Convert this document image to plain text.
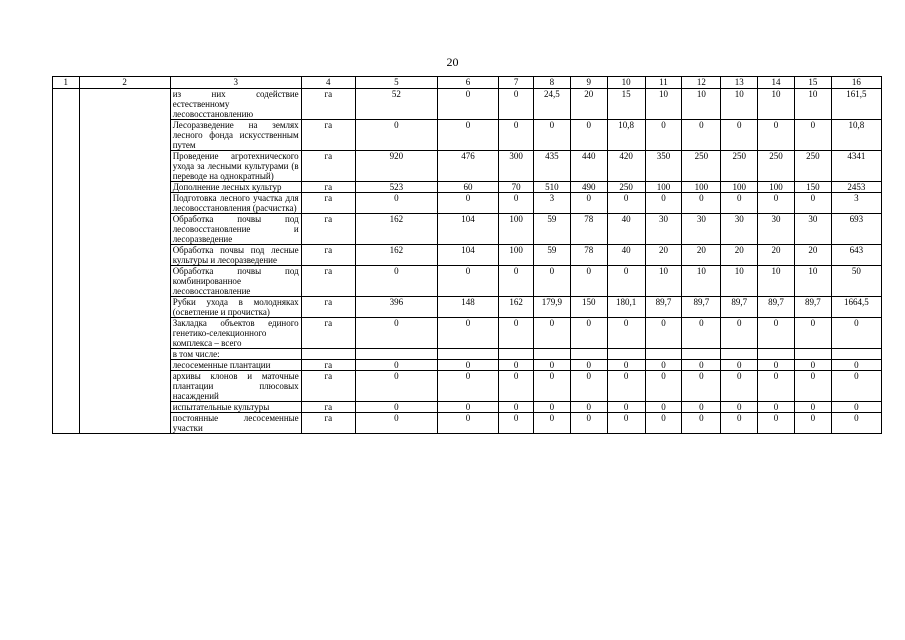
20
1	2	3	4	5	6	7	8	9	10	11	12	13	14	15	16
		из них содействие естественному лесовосстановлению	га	52	0	0	24,5	20	15	10	10	10	10	10	161,5
		Лесоразведение на землях лесного фонда искусственным путем	га	0	0	0	0	0	10,8	0	0	0	0	0	10,8
		Проведение агротехнического ухода за лесными культурами (в переводе на однократный)	га	920	476	300	435	440	420	350	250	250	250	250	4341
		Дополнение лесных культур	га	523	60	70	510	490	250	100	100	100	100	150	2453
		Подготовка лесного участка для лесовосстановления (расчистка)	га	0	0	0	3	0	0	0	0	0	0	0	3
		Обработка почвы под лесовосстановление и лесоразведение	га	162	104	100	59	78	40	30	30	30	30	30	693
		Обработка почвы под лесные культуры и лесоразведение	га	162	104	100	59	78	40	20	20	20	20	20	643
		Обработка почвы под комбинированное лесовосстановление	га	0	0	0	0	0	0	10	10	10	10	10	50
		Рубки ухода в молодняках (осветление и прочистка)	га	396	148	162	179,9	150	180,1	89,7	89,7	89,7	89,7	89,7	1664,5
		Закладка объектов единого генетико-селекционного комплекса – всего	га	0	0	0	0	0	0	0	0	0	0	0	0
		в том числе:													
		лесосеменные плантации	га	0	0	0	0	0	0	0	0	0	0	0	0
		архивы клонов и маточные плантации плюсовых насаждений	га	0	0	0	0	0	0	0	0	0	0	0	0
		испытательные культуры	га	0	0	0	0	0	0	0	0	0	0	0	0
		постоянные лесосеменные участки	га	0	0	0	0	0	0	0	0	0	0	0	0
